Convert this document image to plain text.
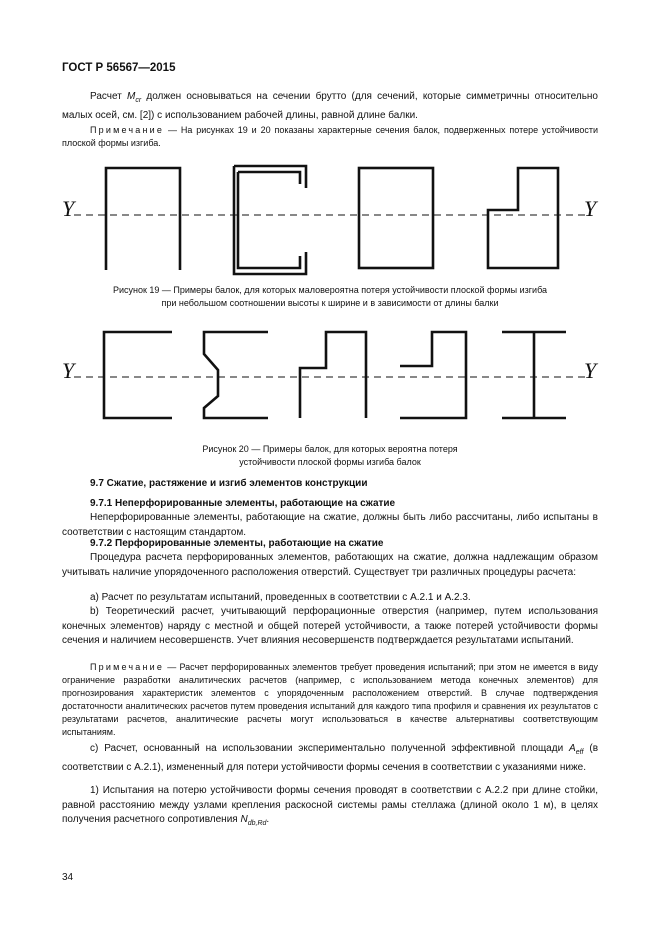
ГОСТ Р 56567—2015

Расчет $M_{cr}$ должен основываться на сечении брутто (для сечений, которые симметричны относительно малых осей, см. [2]) с использованием рабочей длины, равной длине балки.

Примечание — На рисунках 19 и 20 показаны характерные сечения балок, подверженных потере устойчивости плоской формы изгиба.

Y	Y
Рисунок 19 — Примеры балок, для которых маловероятна потеря устойчивости плоской формы изгиба
при небольшом соотношении высоты к ширине и в зависимости от длины балки
Y	Y
Рисунок 20 — Примеры балок, для которых вероятна потеря
устойчивости плоской формы изгиба балок
9.7 Сжатие, растяжение и изгиб элементов конструкции
9.7.1 Неперфорированные элементы, работающие на сжатие

Неперфорированные элементы, работающие на сжатие, должны быть либо рассчитаны, либо испытаны в соответствии с настоящим стандартом.

9.7.2 Перфорированные элементы, работающие на сжатие

Процедура расчета перфорированных элементов, работающих на сжатие, должна надлежащим образом учитывать наличие упорядоченного расположения отверстий. Существует три различных процедуры расчета:

а) Расчет по результатам испытаний, проведенных в соответствии с А.2.1 и А.2.3.

b) Теоретический расчет, учитывающий перфорационные отверстия (например, путем использования конечных элементов) наряду с местной и общей потерей устойчивости, а также потерей устойчивости формы сечения и наличием несовершенств. Учет влияния несовершенств подтверждается результатами испытаний.

Примечание — Расчет перфорированных элементов требует проведения испытаний; при этом не имеется в виду ограничение разработки аналитических расчетов (например, с использованием метода конечных элементов) для прогнозирования характеристик элементов с упорядоченным расположением отверстий. В случае подтверждения достаточности аналитических расчетов путем проведения испытаний для каждого типа профиля и сравнения их результатов с результатами расчетов, аналитические расчеты могут использоваться в качестве альтернативы соответствующим испытаниям.

с) Расчет, основанный на использовании экспериментально полученной эффективной площади $A_{eff}$ (в соответствии с А.2.1), измененный для потери устойчивости формы сечения в соответствии с указаниями ниже.

1) Испытания на потерю устойчивости формы сечения проводят в соответствии с А.2.2 при длине стойки, равной расстоянию между узлами крепления раскосной системы рамы стеллажа (длиной около 1 м), в целях получения расчетного сопротивления $N_{db,Rd}$.

34
